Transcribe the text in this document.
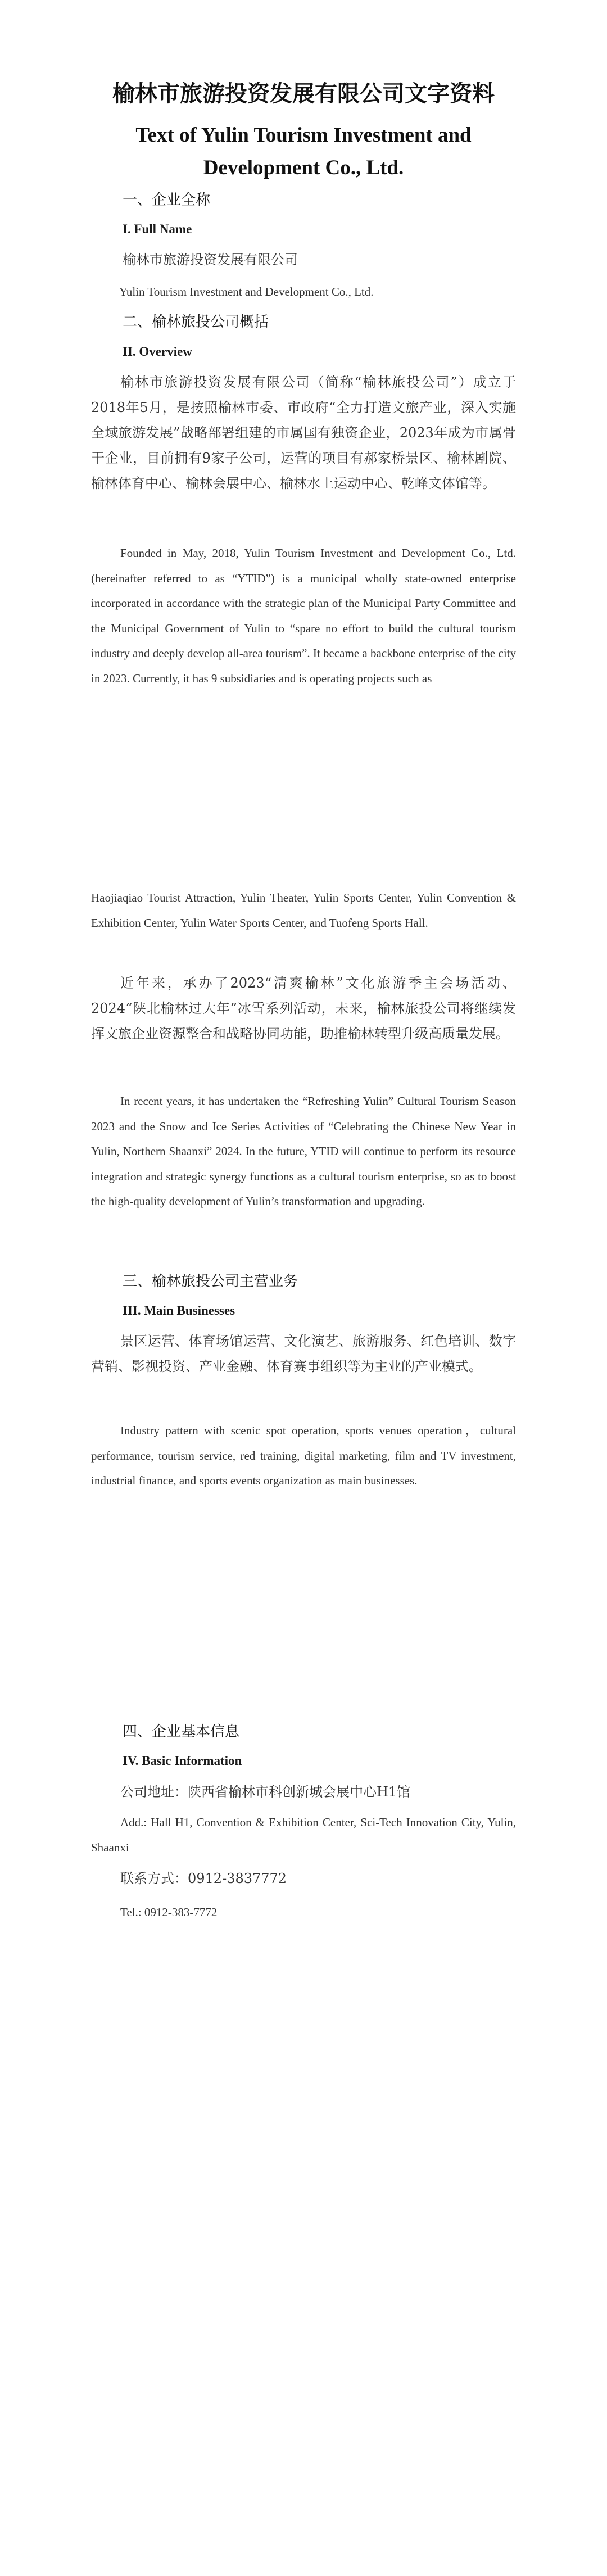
榆林市旅游投资发展有限公司文字资料
Text of Yulin Tourism Investment and Development Co., Ltd.
一、企业全称
I. Full Name
榆林市旅游投资发展有限公司
Yulin Tourism Investment and Development Co., Ltd.
二、榆林旅投公司概括
II. Overview

榆林市旅游投资发展有限公司（简称“榆林旅投公司”）成立于2018年5月，是按照榆林市委、市政府“全力打造文旅产业，深入实施全域旅游发展”战略部署组建的市属国有独资企业，2023年成为市属骨干企业，目前拥有9家子公司，运营的项目有郝家桥景区、榆林剧院、榆林体育中心、榆林会展中心、榆林水上运动中心、乾峰文体馆等。

Founded in May, 2018, Yulin Tourism Investment and Development Co., Ltd. (hereinafter referred to as “YTID”) is a municipal wholly state-owned enterprise incorporated in accordance with the strategic plan of the Municipal Party Committee and the Municipal Government of Yulin to “spare no effort to build the cultural tourism industry and deeply develop all-area tourism”. It became a backbone enterprise of the city in 2023. Currently, it has 9 subsidiaries and is operating projects such as

Haojiaqiao Tourist Attraction, Yulin Theater, Yulin Sports Center, Yulin Convention & Exhibition Center, Yulin Water Sports Center, and Tuofeng Sports Hall.

近年来，承办了2023“清爽榆林”文化旅游季主会场活动、2024“陕北榆林过大年”冰雪系列活动，未来，榆林旅投公司将继续发挥文旅企业资源整合和战略协同功能，助推榆林转型升级高质量发展。

In recent years, it has undertaken the “Refreshing Yulin” Cultural Tourism Season 2023 and the Snow and Ice Series Activities of “Celebrating the Chinese New Year in Yulin, Northern Shaanxi” 2024. In the future, YTID will continue to perform its resource integration and strategic synergy functions as a cultural tourism enterprise, so as to boost the high-quality development of Yulin’s transformation and upgrading.

三、榆林旅投公司主营业务
III. Main Businesses

景区运营、体育场馆运营、文化演艺、旅游服务、红色培训、数字营销、影视投资、产业金融、体育赛事组织等为主业的产业模式。

Industry pattern with scenic spot operation, sports venues operation，cultural performance, tourism service, red training, digital marketing, film and TV investment, industrial finance, and sports events organization as main businesses.

四、企业基本信息
IV. Basic Information

公司地址：陕西省榆林市科创新城会展中心H1馆

Add.: Hall H1, Convention & Exhibition Center, Sci-Tech Innovation City, Yulin, Shaanxi

联系方式：0912-3837772

Tel.: 0912-383-7772
